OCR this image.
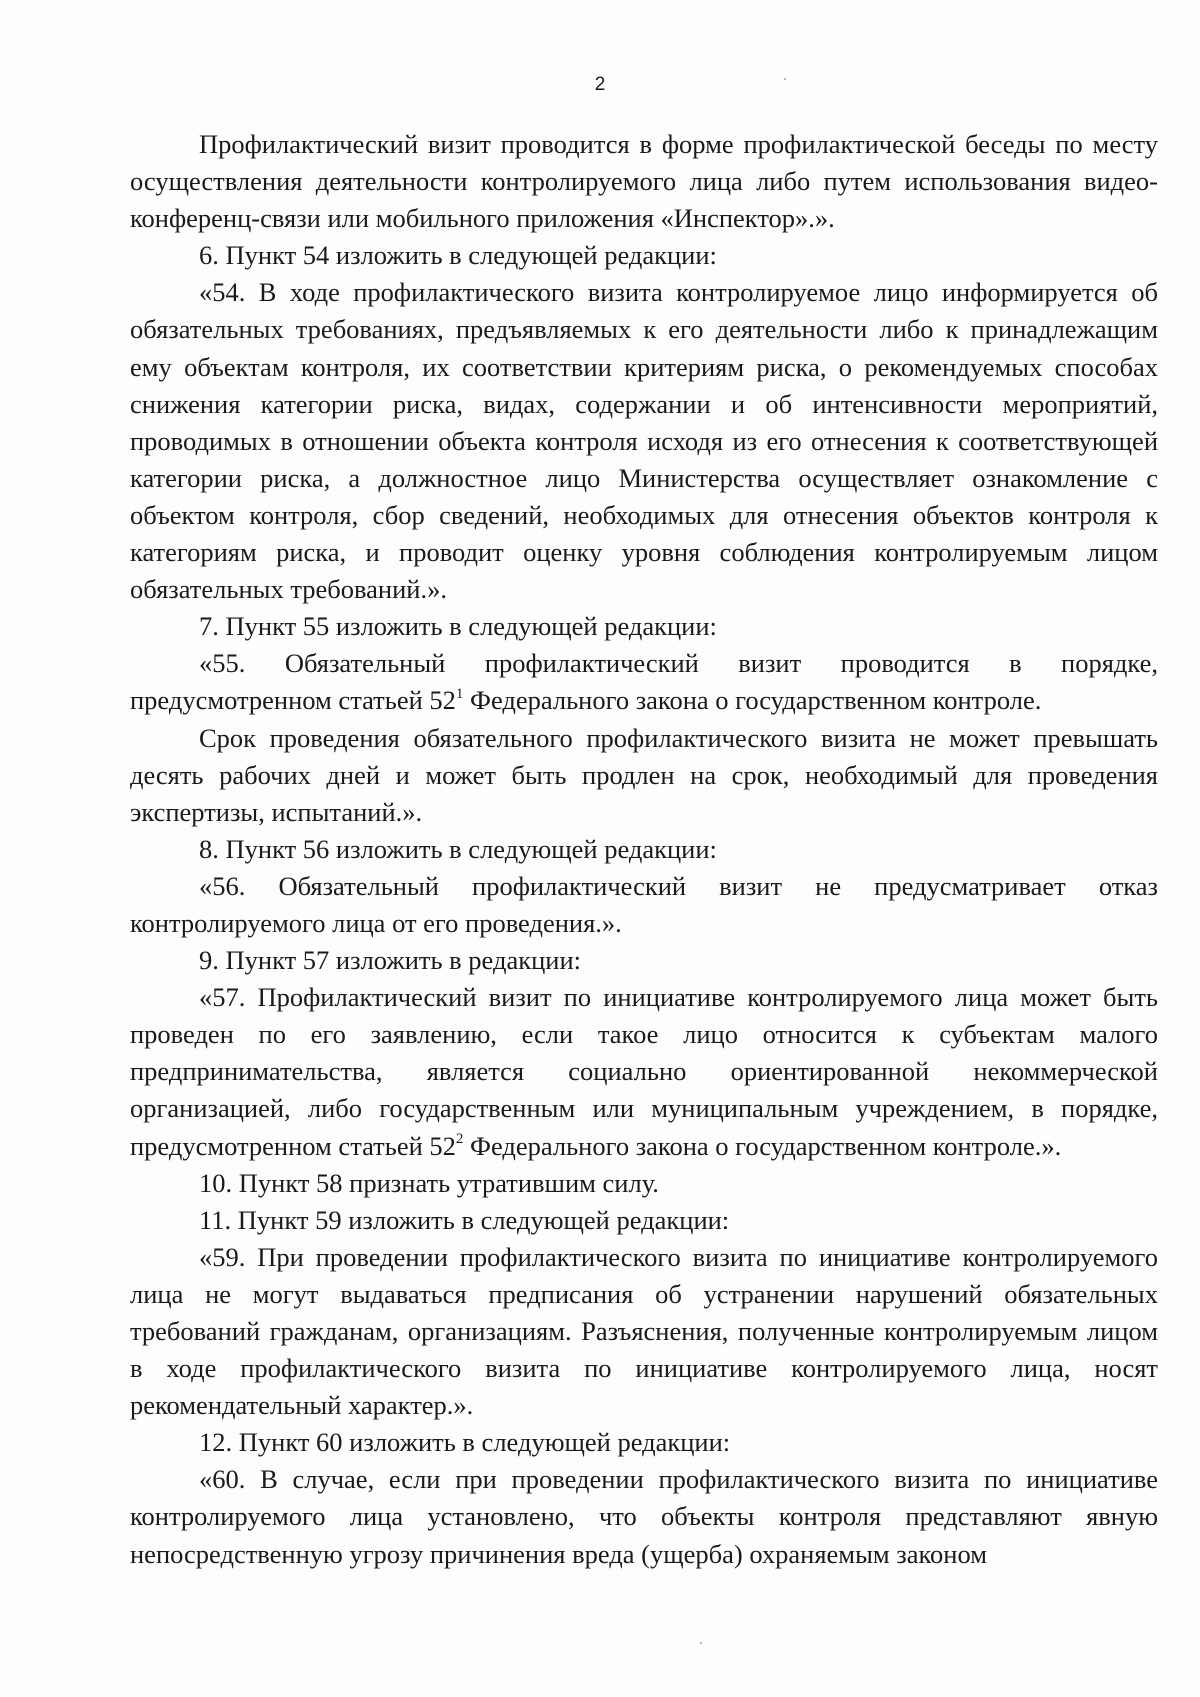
2

Профилактический визит проводится в форме профилактической беседы по месту осуществления деятельности контролируемого лица либо путем использования видео-конференц-связи или мобильного приложения «Инспектор».».

6. Пункт 54 изложить в следующей редакции:

«54. В ходе профилактического визита контролируемое лицо информируется об обязательных требованиях, предъявляемых к его деятельности либо к принадлежащим ему объектам контроля, их соответствии критериям риска, о рекомендуемых способах снижения категории риска, видах, содержании и об интенсивности мероприятий, проводимых в отношении объекта контроля исходя из его отнесения к соответствующей категории риска, а должностное лицо Министерства осуществляет ознакомление с объектом контроля, сбор сведений, необходимых для отнесения объектов контроля к категориям риска, и проводит оценку уровня соблюдения контролируемым лицом обязательных требований.».

7. Пункт 55 изложить в следующей редакции:

«55. Обязательный профилактический визит проводится в порядке, предусмотренном статьей $52^1$ Федерального закона о государственном контроле.

Срок проведения обязательного профилактического визита не может превышать десять рабочих дней и может быть продлен на срок, необходимый для проведения экспертизы, испытаний.».

8. Пункт 56 изложить в следующей редакции:

«56. Обязательный профилактический визит не предусматривает отказ контролируемого лица от его проведения.».

9. Пункт 57 изложить в редакции:

«57. Профилактический визит по инициативе контролируемого лица может быть проведен по его заявлению, если такое лицо относится к субъектам малого предпринимательства, является социально ориентированной некоммерческой организацией, либо государственным или муниципальным учреждением, в порядке, предусмотренном статьей $52^2$ Федерального закона о государственном контроле.».

10. Пункт 58 признать утратившим силу.

11. Пункт 59 изложить в следующей редакции:

«59. При проведении профилактического визита по инициативе контролируемого лица не могут выдаваться предписания об устранении нарушений обязательных требований гражданам, организациям. Разъяснения, полученные контролируемым лицом в ходе профилактического визита по инициативе контролируемого лица, носят рекомендательный характер.».

12. Пункт 60 изложить в следующей редакции:

«60. В случае, если при проведении профилактического визита по инициативе контролируемого лица установлено, что объекты контроля представляют явную непосредственную угрозу причинения вреда (ущерба) охраняемым законом
